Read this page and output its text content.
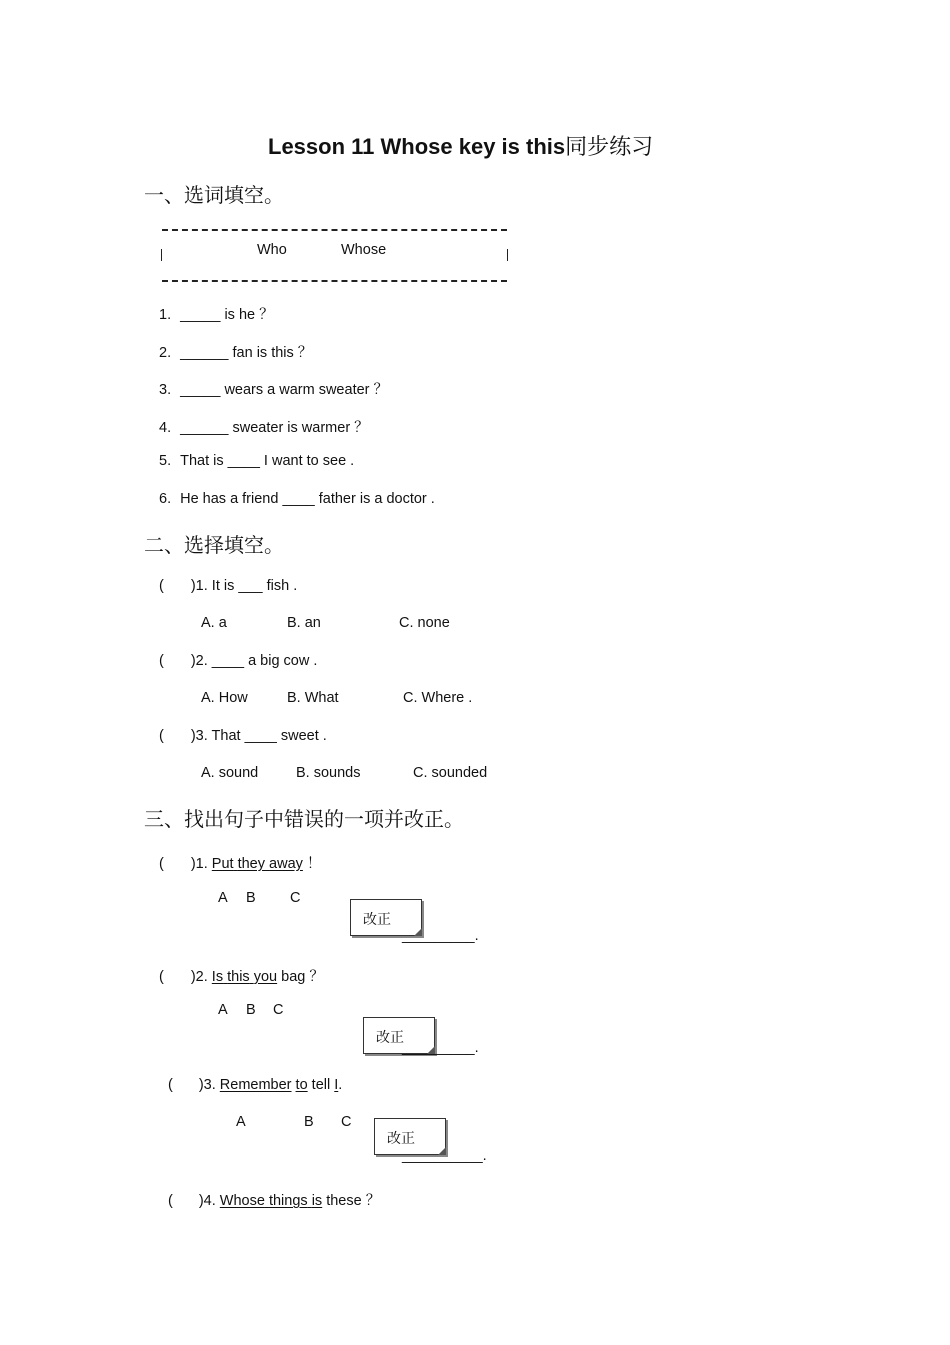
Lesson 11 Whose key is this同步练习
一、选词填空。
Who	Whose
1. _____ is he ？
2. ______ fan is this ？
3. _____ wears a warm sweater ？
4. ______ sweater is warmer ？
5. That is ____ I want to see .
6. He has a friend ____ father is a doctor .
二、选择填空。
( )1. It is ___ fish .
A. a	B. an	C. none
( )2. ____ a big cow .
A. How	B. What	C. Where .
( )3. That ____ sweet .
A. sound	B. sounds	C. sounded
三、找出句子中错误的一项并改正。
( )1. Put they away ！
A B C
改正
_________.
( )2. Is this you bag ？
A B C
改正
_________.
( )3. Remember to tell I.
A	B C
改正
__________.
( )4. Whose things is these ？
